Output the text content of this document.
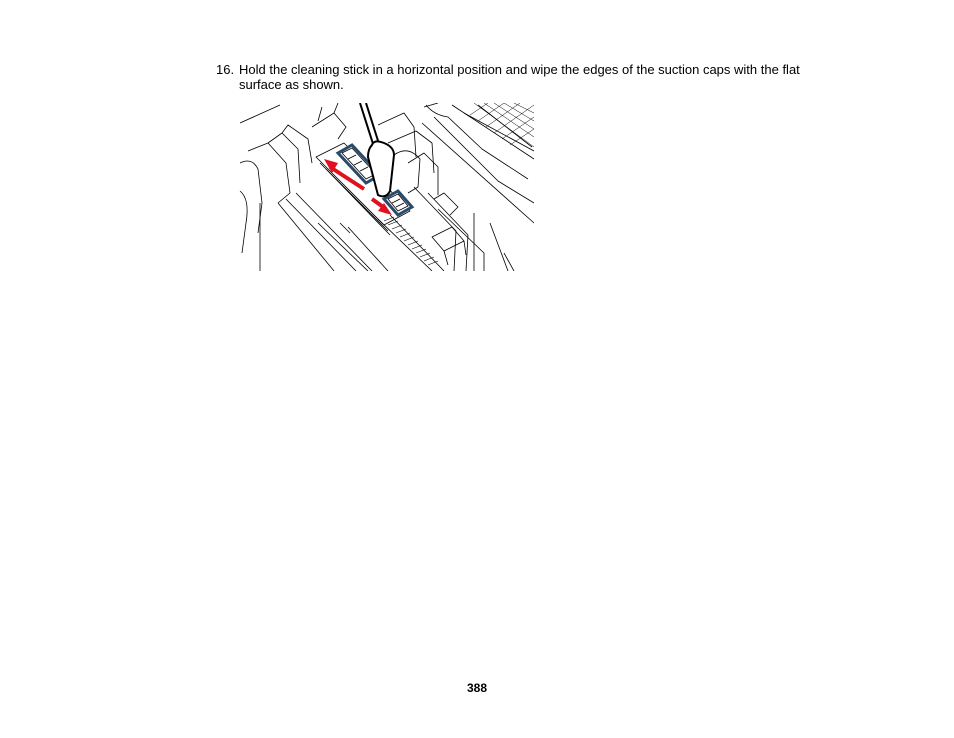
16. Hold the cleaning stick in a horizontal position and wipe the edges of the suction caps with the flat surface as shown.
388
